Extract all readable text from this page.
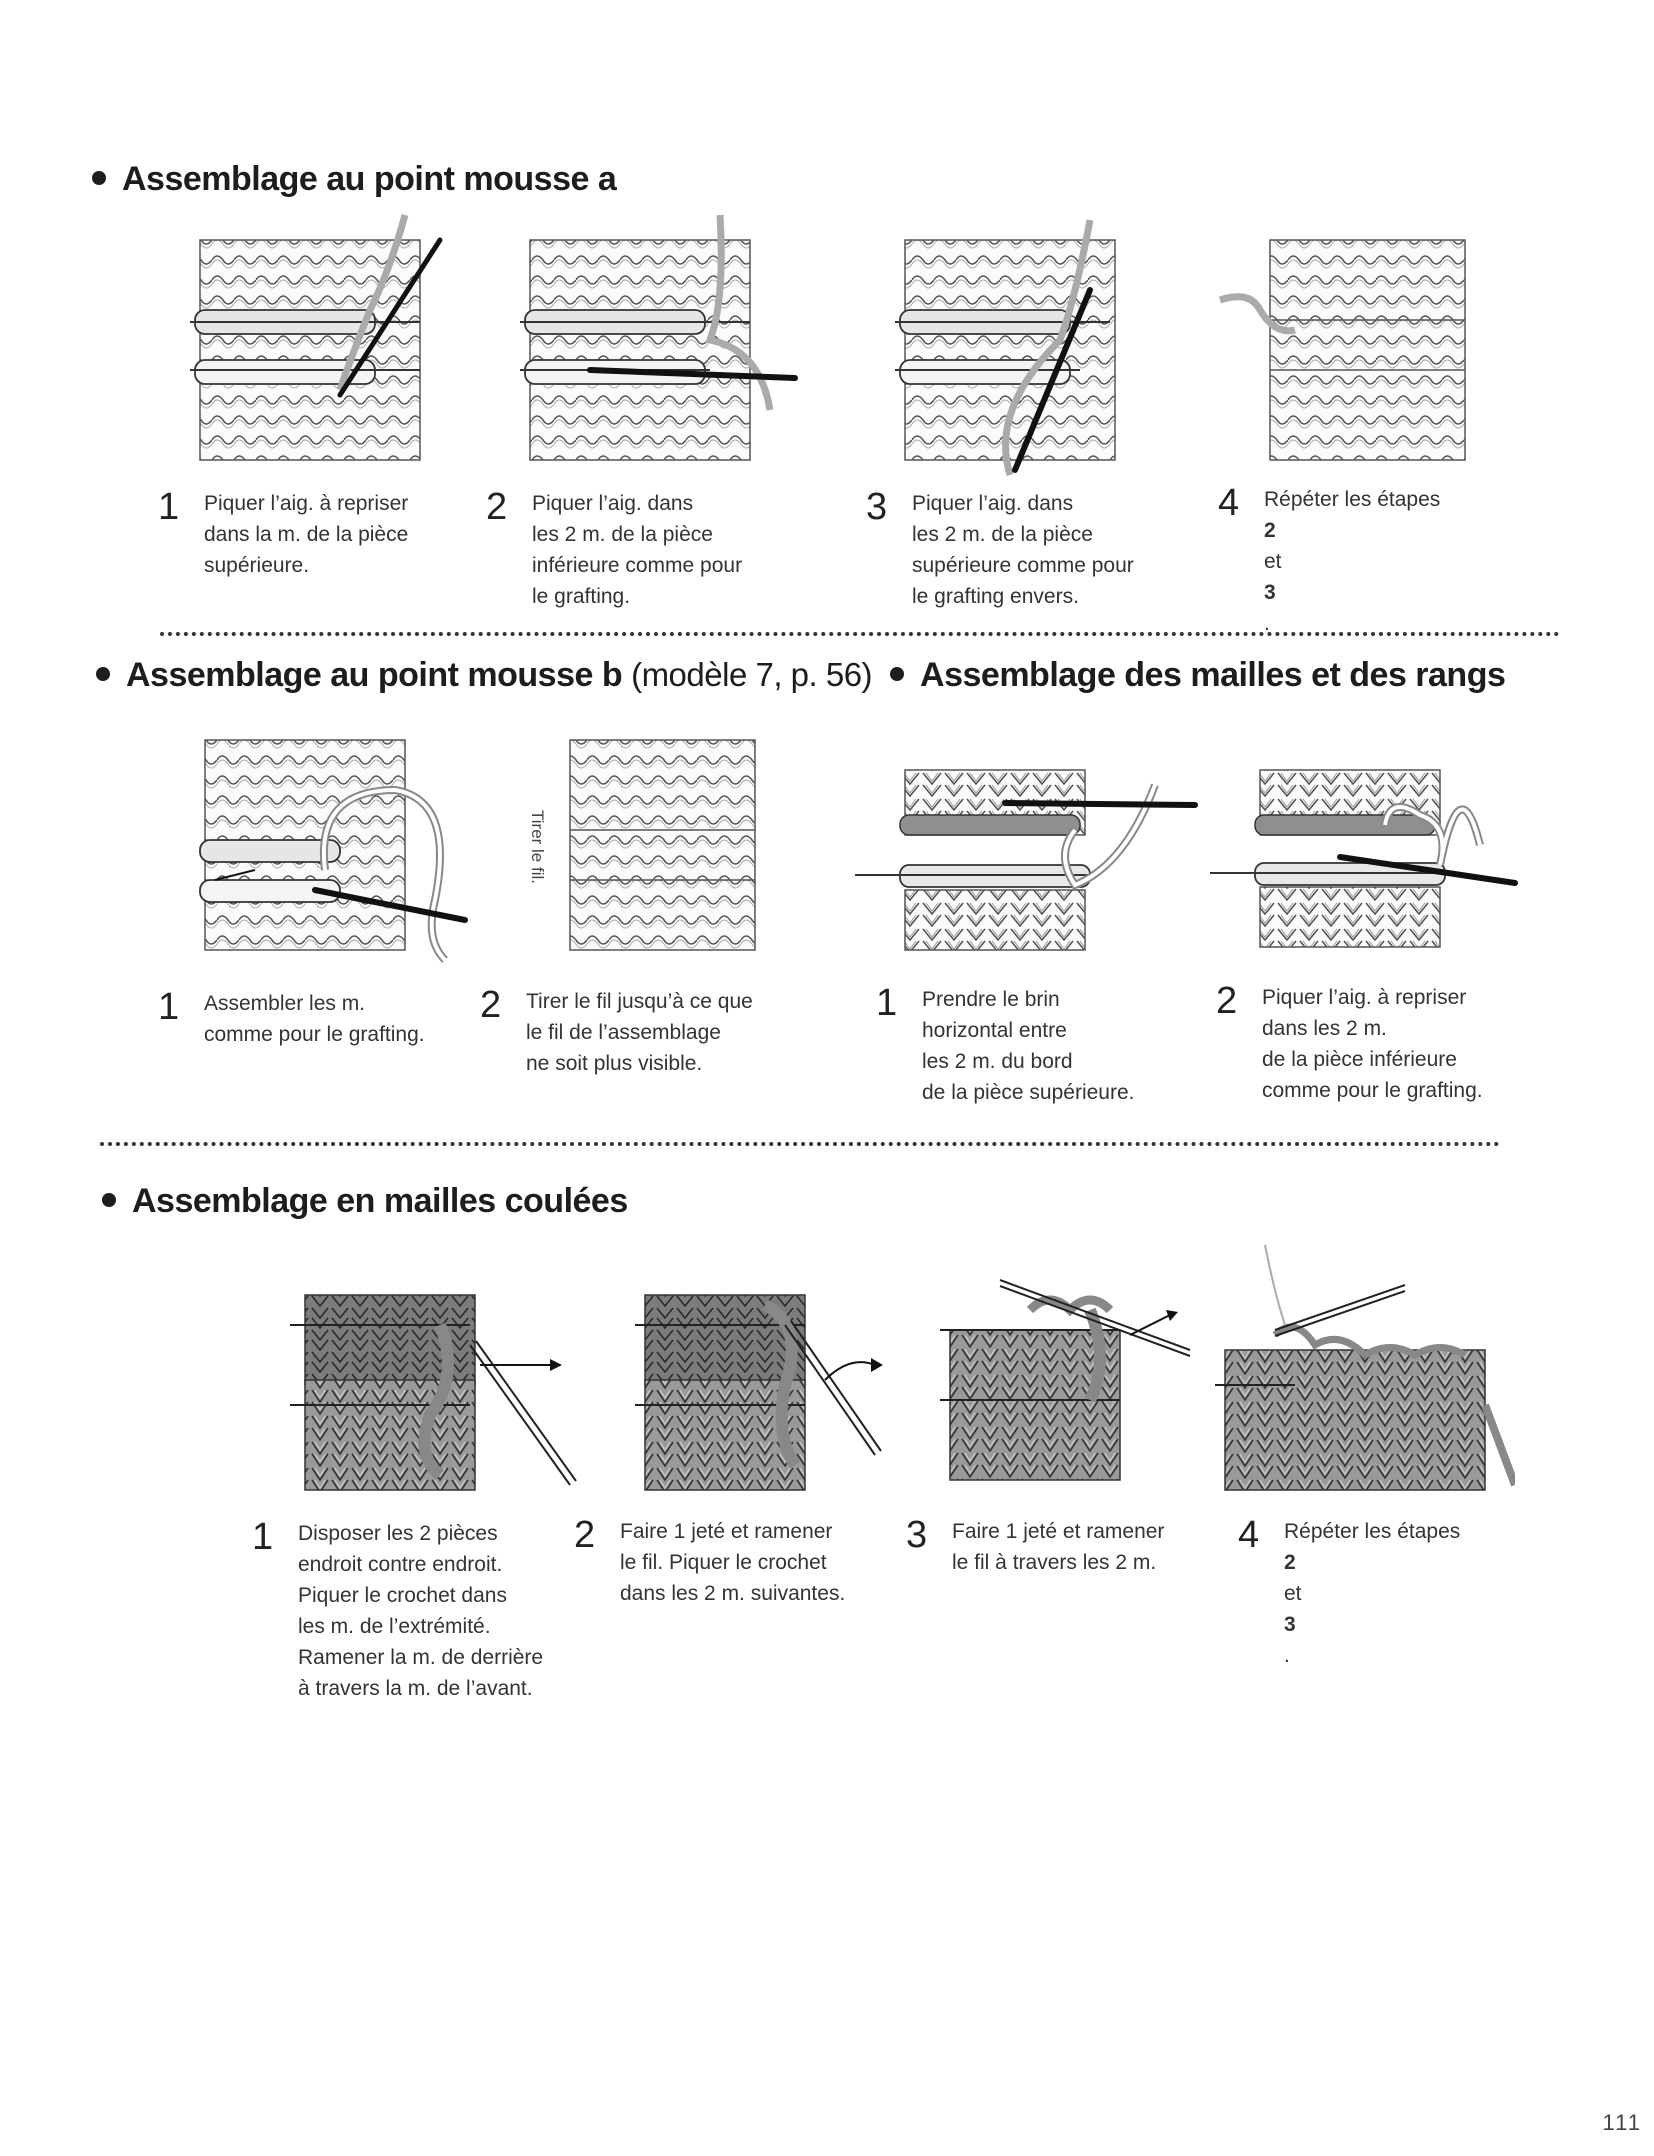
Assemblage au point mousse a
1 Piquer l’aig. à repriser
dans la m. de la pièce
supérieure.
2 Piquer l’aig. dans
les 2 m. de la pièce
inférieure comme pour
le grafting.
3 Piquer l’aig. dans
les 2 m. de la pièce
supérieure comme pour
le grafting envers.
4 Répéter les étapes
2
et
3
.
Assemblage au point mousse b (modèle 7, p. 56) Assemblage des mailles et des rangs
Tirer le fil.
1 Assembler les m.
comme pour le grafting.
2 Tirer le fil jusqu’à ce que
le fil de l’assemblage
ne soit plus visible.
1 Prendre le brin
horizontal entre
les 2 m. du bord
de la pièce supérieure.
2 Piquer l’aig. à repriser
dans les 2 m.
de la pièce inférieure
comme pour le grafting.
Assemblage en mailles coulées
1 Disposer les 2 pièces
endroit contre endroit.
Piquer le crochet dans
les m. de l’extrémité.
Ramener la m. de derrière
à travers la m. de l’avant.
2 Faire 1 jeté et ramener
le fil. Piquer le crochet
dans les 2 m. suivantes.
3 Faire 1 jeté et ramener
le fil à travers les 2 m.
4 Répéter les étapes
2
et
3
.
111
